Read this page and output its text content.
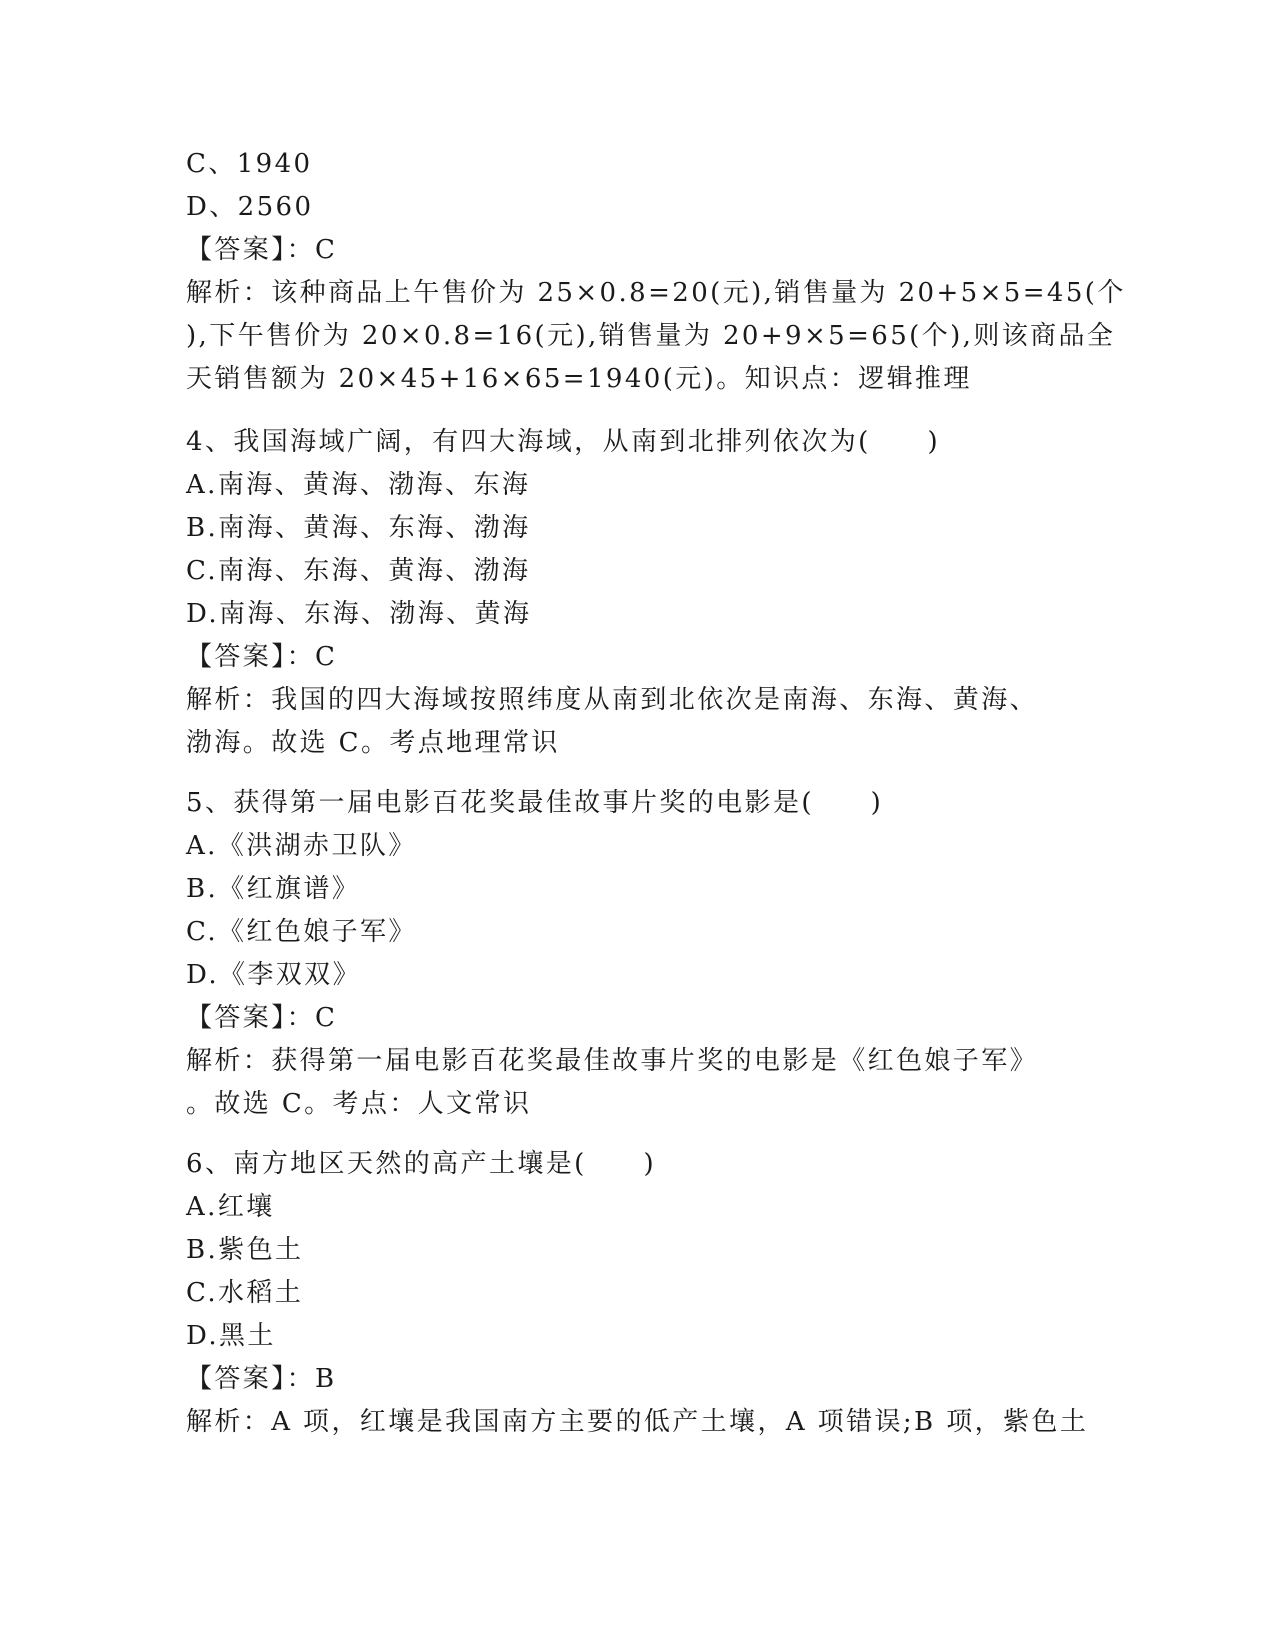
C、1940
D、2560
【答案】：C
解析：该种商品上午售价为 25×0.8=20(元),销售量为 20+5×5=45(个
),下午售价为 20×0.8=16(元),销售量为 20+9×5=65(个),则该商品全
天销售额为 20×45+16×65=1940(元)。知识点：逻辑推理
4、我国海域广阔，有四大海域，从南到北排列依次为(　　)
A.南海、黄海、渤海、东海
B.南海、黄海、东海、渤海
C.南海、东海、黄海、渤海
D.南海、东海、渤海、黄海
【答案】：C
解析：我国的四大海域按照纬度从南到北依次是南海、东海、黄海、
渤海。故选 C。考点地理常识
5、获得第一届电影百花奖最佳故事片奖的电影是(　　)
A.《洪湖赤卫队》
B.《红旗谱》
C.《红色娘子军》
D.《李双双》
【答案】：C
解析：获得第一届电影百花奖最佳故事片奖的电影是《红色娘子军》
。故选 C。考点：人文常识
6、南方地区天然的高产土壤是(　　)
A.红壤
B.紫色土
C.水稻土
D.黑土
【答案】：B
解析：A 项，红壤是我国南方主要的低产土壤，A 项错误;B 项，紫色土
